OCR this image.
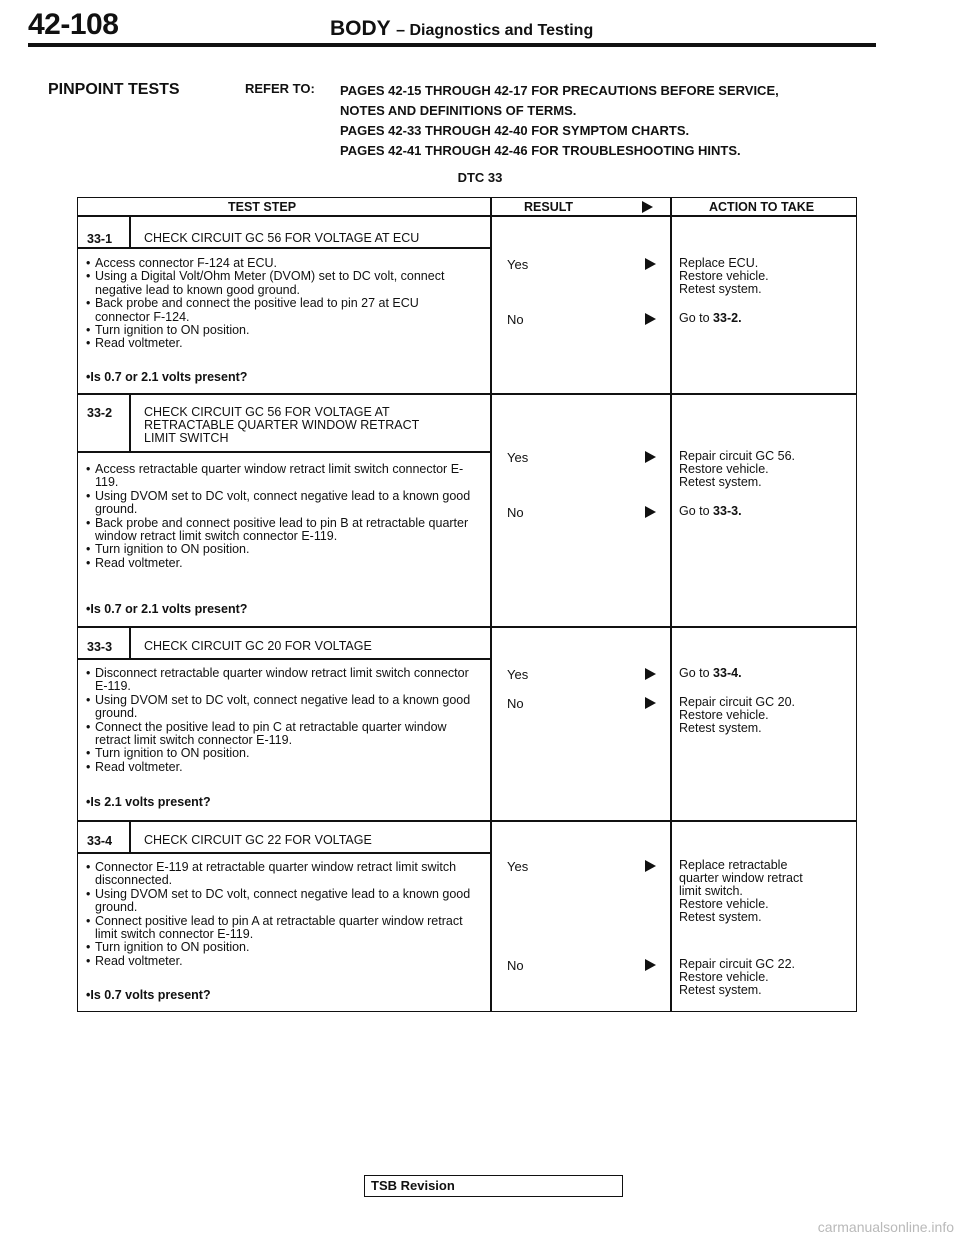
42-108	BODY – Diagnostics and Testing
PINPOINT TESTS	REFER TO: PAGES 42-15 THROUGH 42-17 FOR PRECAUTIONS BEFORE SERVICE,
NOTES AND DEFINITIONS OF TERMS.
PAGES 42-33 THROUGH 42-40 FOR SYMPTOM CHARTS.
PAGES 42-41 THROUGH 42-46 FOR TROUBLESHOOTING HINTS.
DTC 33
TEST STEP	RESULT	ACTION TO TAKE
33-1	CHECK CIRCUIT GC 56 FOR VOLTAGE AT ECU
• Access connector F-124 at ECU.
• Using a Digital Volt/Ohm Meter (DVOM) set to DC volt, connect negative lead to known good ground.
• Back probe and connect the positive lead to pin 27 at ECU connector F-124.
• Turn ignition to ON position.
• Read voltmeter.
• Is 0.7 or 2.1 volts present?
Yes	Replace ECU.
Restore vehicle.
Retest system.
No	Go to 33-2.
33-2	CHECK CIRCUIT GC 56 FOR VOLTAGE AT
RETRACTABLE QUARTER WINDOW RETRACT
LIMIT SWITCH
• Access retractable quarter window retract limit switch connector E-119.
• Using DVOM set to DC volt, connect negative lead to a known good ground.
• Back probe and connect positive lead to pin B at retractable quarter window retract limit switch connector E-119.
• Turn ignition to ON position.
• Read voltmeter.
• Is 0.7 or 2.1 volts present?
Yes	Repair circuit GC 56.
Restore vehicle.
Retest system.
No	Go to 33-3.
33-3	CHECK CIRCUIT GC 20 FOR VOLTAGE
• Disconnect retractable quarter window retract limit switch connector E-119.
• Using DVOM set to DC volt, connect negative lead to a known good ground.
• Connect the positive lead to pin C at retractable quarter window retract limit switch connector E-119.
• Turn ignition to ON position.
• Read voltmeter.
• Is 2.1 volts present?
Yes	Go to 33-4.
No	Repair circuit GC 20.
Restore vehicle.
Retest system.
33-4	CHECK CIRCUIT GC 22 FOR VOLTAGE
• Connector E-119 at retractable quarter window retract limit switch disconnected.
• Using DVOM set to DC volt, connect negative lead to a known good ground.
• Connect positive lead to pin A at retractable quarter window retract limit switch connector E-119.
• Turn ignition to ON position.
• Read voltmeter.
• Is 0.7 volts present?
Yes	Replace retractable
quarter window retract
limit switch.
Restore vehicle.
Retest system.
No	Repair circuit GC 22.
Restore vehicle.
Retest system.
TSB Revision
carmanualsonline.info
